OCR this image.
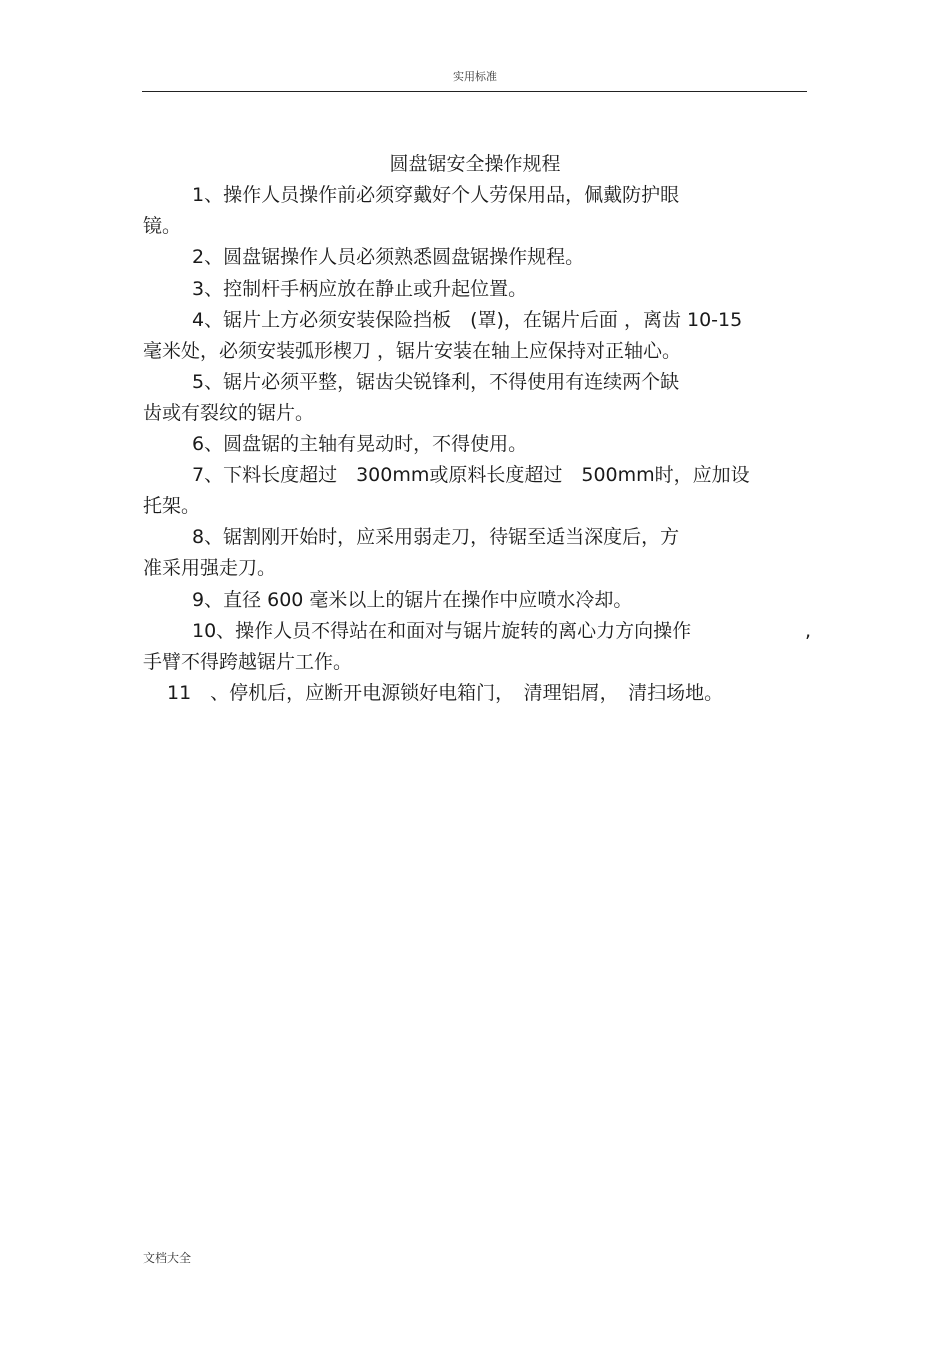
实用标准
圆盘锯安全操作规程
1、操作人员操作前必须穿戴好个人劳保用品，佩戴防护眼
镜。
2、圆盘锯操作人员必须熟悉圆盘锯操作规程。
3、控制杆手柄应放在静止或升起位置。
4、锯片上方必须安装保险挡板　(罩)，在锯片后面 ，离齿 10-15
毫米处，必须安装弧形楔刀 ，锯片安装在轴上应保持对正轴心。
5、锯片必须平整，锯齿尖锐锋利，不得使用有连续两个缺
齿或有裂纹的锯片。
6、圆盘锯的主轴有晃动时，不得使用。
7、下料长度超过　300mm或原料长度超过　500mm时，应加设
托架。
8、锯割刚开始时，应采用弱走刀，待锯至适当深度后，方
准采用强走刀。
9、直径 600 毫米以上的锯片在操作中应喷水冷却。
10、操作人员不得站在和面对与锯片旋转的离心力方向操作	,
手臂不得跨越锯片工作。
11　、停机后，应断开电源锁好电箱门，　清理铝屑，　清扫场地。
文档大全
